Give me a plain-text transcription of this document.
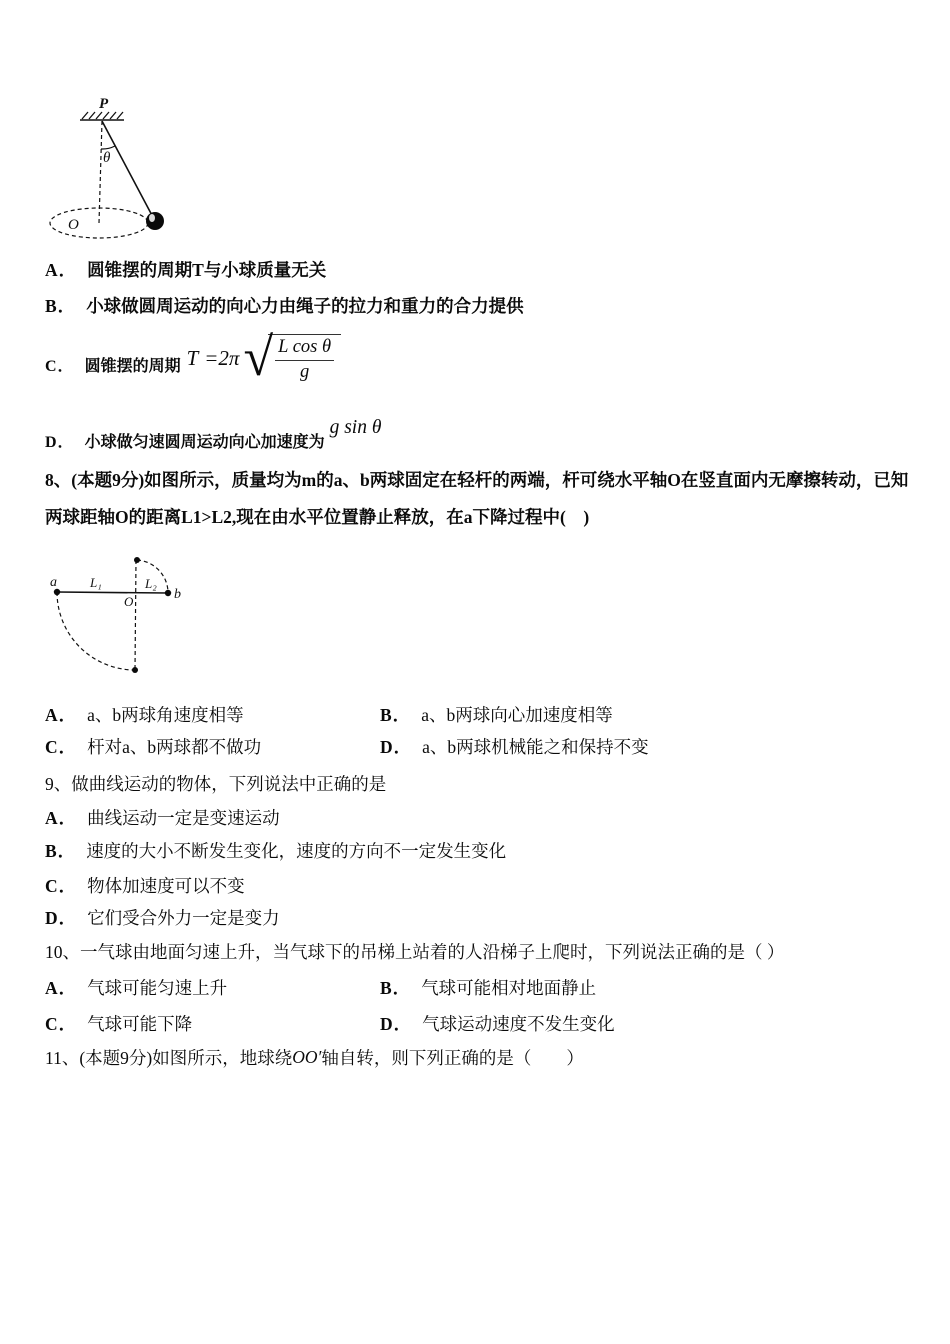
P
θ
O
A． 圆锥摆的周期T与小球质量无关
B． 小球做圆周运动的向心力由绳子的拉力和重力的合力提供
C． 圆锥摆的周期 T =2π √
$\frac{\text{L cos θ}}{g}$
D． 小球做匀速圆周运动向心加速度为
g sin θ
8、(本题9分)如图所示，质量均为m的a、b两球固定在轻杆的两端，杆可绕水平轴O在竖直面内无摩擦转动，已知两球距轴O的距离L1>L2,现在由水平位置静止释放，在a下降过程中(　)
a
b
O
L₁	L₂
A． a、b两球角速度相等	B． a、b两球向心加速度相等
C． 杆对a、b两球都不做功	D． a、b两球机械能之和保持不变
9、做曲线运动的物体，下列说法中正确的是
A． 曲线运动一定是变速运动
B． 速度的大小不断发生变化，速度的方向不一定发生变化
C． 物体加速度可以不变
D． 它们受合外力一定是变力
10、一气球由地面匀速上升，当气球下的吊梯上站着的人沿梯子上爬时，下列说法正确的是（ ）
A． 气球可能匀速上升	B． 气球可能相对地面静止
C． 气球可能下降	D． 气球运动速度不发生变化
11、(本题9分)如图所示，地球绕 OO′ 轴自转，则下列正确的是（　　）
